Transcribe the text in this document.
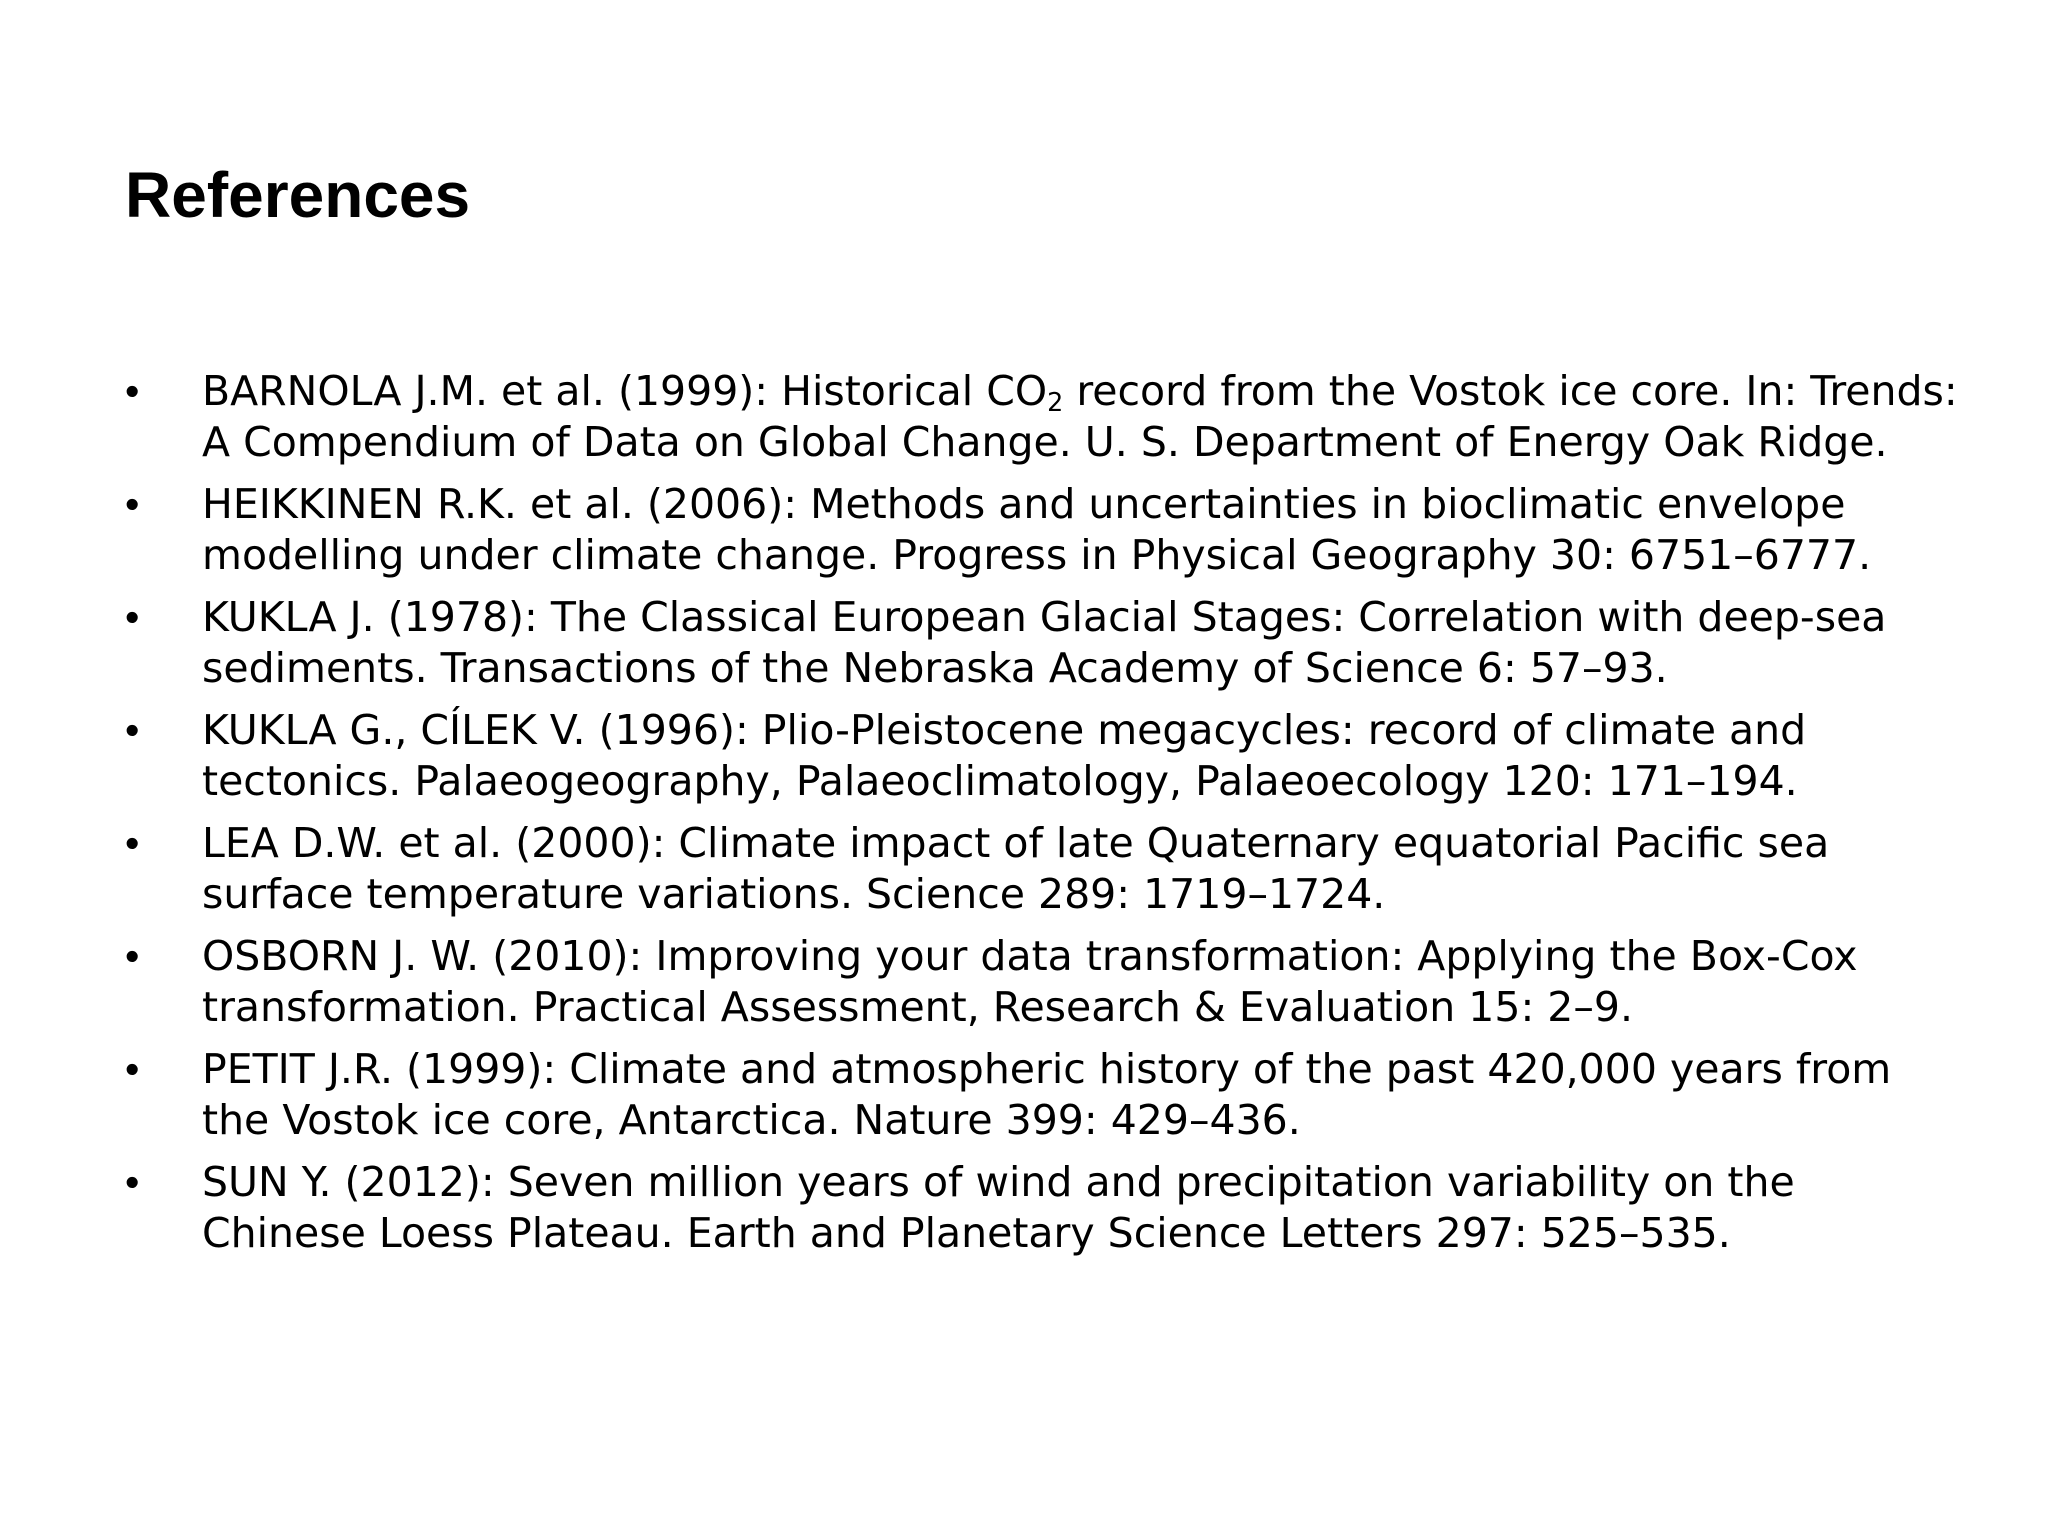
References
•	BARNOLA J.M. et al. (1999): Historical $CO_2$ record from the Vostok ice core. In: Trends: A Compendium of Data on Global Change. U. S. Department of Energy Oak Ridge.
•	HEIKKINEN R.K. et al. (2006): Methods and uncertainties in bioclimatic envelope modelling under climate change. Progress in Physical Geography 30: 6751–6777.
•	KUKLA J. (1978): The Classical European Glacial Stages: Correlation with deep-sea sediments. Transactions of the Nebraska Academy of Science 6: 57–93.
•	KUKLA G., CÍLEK V. (1996): Plio-Pleistocene megacycles: record of climate and tectonics. Palaeogeography, Palaeoclimatology, Palaeoecology 120: 171–194.
•	LEA D.W. et al. (2000): Climate impact of late Quaternary equatorial Pacific sea surface temperature variations. Science 289: 1719–1724.
•	OSBORN J. W. (2010): Improving your data transformation: Applying the Box-Cox transformation. Practical Assessment, Research & Evaluation 15: 2–9.
•	PETIT J.R. (1999): Climate and atmospheric history of the past 420,000 years from the Vostok ice core, Antarctica. Nature 399: 429–436.
•	SUN Y. (2012): Seven million years of wind and precipitation variability on the Chinese Loess Plateau. Earth and Planetary Science Letters 297: 525–535.
